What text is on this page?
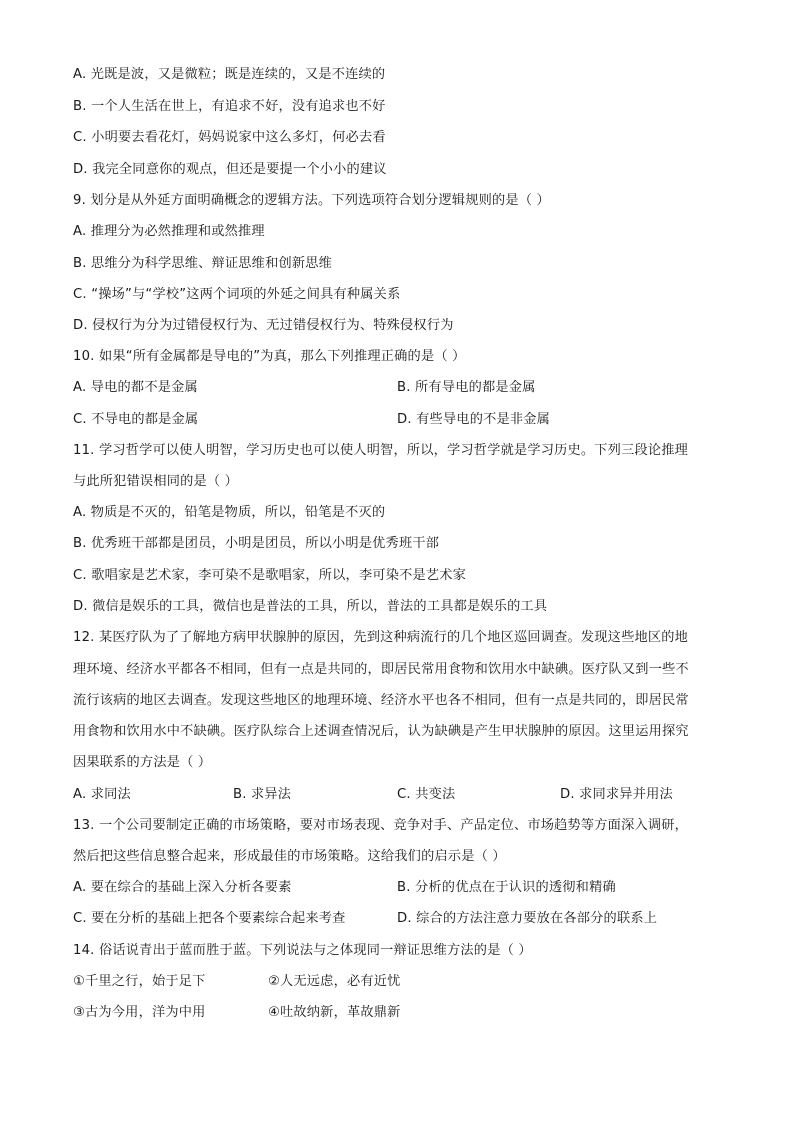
A. 光既是波，又是微粒；既是连续的，又是不连续的
B. 一个人生活在世上，有追求不好，没有追求也不好
C. 小明要去看花灯，妈妈说家中这么多灯，何必去看
D. 我完全同意你的观点，但还是要提一个小小的建议
9. 划分是从外延方面明确概念的逻辑方法。下列选项符合划分逻辑规则的是（ ）
A. 推理分为必然推理和或然推理
B. 思维分为科学思维、辩证思维和创新思维
C. “操场”与“学校”这两个词项的外延之间具有种属关系
D. 侵权行为分为过错侵权行为、无过错侵权行为、特殊侵权行为
10. 如果“所有金属都是导电的”为真，那么下列推理正确的是（ ）
A. 导电的都不是金属	B. 所有导电的都是金属
C. 不导电的都是金属	D. 有些导电的不是非金属
11. 学习哲学可以使人明智，学习历史也可以使人明智，所以，学习哲学就是学习历史。下列三段论推理
与此所犯错误相同的是（ ）
A. 物质是不灭的，铅笔是物质，所以，铅笔是不灭的
B. 优秀班干部都是团员，小明是团员，所以小明是优秀班干部
C. 歌唱家是艺术家，李可染不是歌唱家，所以，李可染不是艺术家
D. 微信是娱乐的工具，微信也是普法的工具，所以，普法的工具都是娱乐的工具
12. 某医疗队为了了解地方病甲状腺肿的原因，先到这种病流行的几个地区巡回调查。发现这些地区的地
理环境、经济水平都各不相同，但有一点是共同的，即居民常用食物和饮用水中缺碘。医疗队又到一些不
流行该病的地区去调查。发现这些地区的地理环境、经济水平也各不相同，但有一点是共同的，即居民常
用食物和饮用水中不缺碘。医疗队综合上述调查情况后，认为缺碘是产生甲状腺肿的原因。这里运用探究
因果联系的方法是（ ）
A. 求同法	B. 求异法	C. 共变法	D. 求同求异并用法
13. 一个公司要制定正确的市场策略，要对市场表现、竞争对手、产品定位、市场趋势等方面深入调研，
然后把这些信息整合起来，形成最佳的市场策略。这给我们的启示是（ ）
A. 要在综合的基础上深入分析各要素	B. 分析的优点在于认识的透彻和精确
C. 要在分析的基础上把各个要素综合起来考查	D. 综合的方法注意力要放在各部分的联系上
14. 俗话说青出于蓝而胜于蓝。下列说法与之体现同一辩证思维方法的是（ ）
①千里之行，始于足下	②人无远虑，必有近忧
③古为今用，洋为中用	④吐故纳新，革故鼎新
